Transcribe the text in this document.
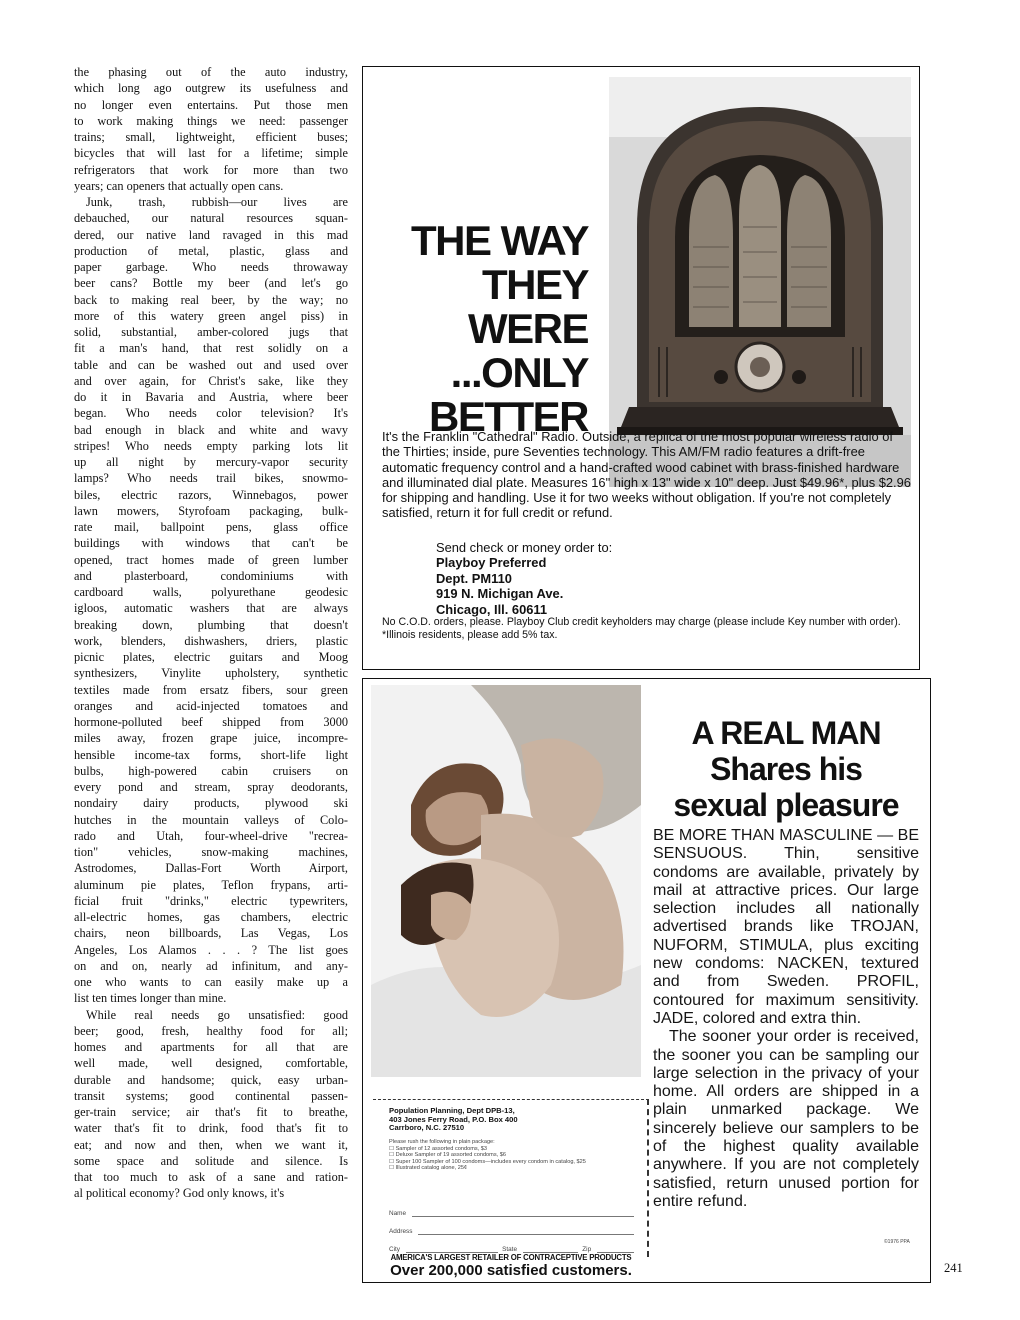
the phasing out of the auto industry, which long ago outgrew its usefulness and no longer even entertains. Put those men to work making things we need: passenger trains; small, lightweight, efficient buses; bicycles that will last for a lifetime; simple refrigerators that work for more than two years; can openers that actually open cans.

Junk, trash, rubbish—our lives are debauched, our natural resources squan- dered, our native land ravaged in this mad production of metal, plastic, glass and paper garbage. Who needs throwaway beer cans? Bottle my beer (and let's go back to making real beer, by the way; no more of this watery green angel piss) in solid, substantial, amber-colored jugs that fit a man's hand, that rest solidly on a table and can be washed out and used over and over again, for Christ's sake, like they do it in Bavaria and Austria, where beer began. Who needs color television? It's bad enough in black and white and wavy stripes! Who needs empty parking lots lit up all night by mercury-vapor security lamps? Who needs trail bikes, snowmo- biles, electric razors, Winnebagos, power lawn mowers, Styrofoam packaging, bulk- rate mail, ballpoint pens, glass office buildings with windows that can't be opened, tract homes made of green lumber and plasterboard, condominiums with cardboard walls, polyurethane geodesic igloos, automatic washers that are always breaking down, plumbing that doesn't work, blenders, dishwashers, driers, plastic picnic plates, electric guitars and Moog synthesizers, Vinylite upholstery, synthetic textiles made from ersatz fibers, sour green oranges and acid-injected tomatoes and hormone-polluted beef shipped from 3000 miles away, frozen grape juice, incompre- hensible income-tax forms, short-life light bulbs, high-powered cabin cruisers on every pond and stream, spray deodorants, nondairy dairy products, plywood ski hutches in the mountain valleys of Colo- rado and Utah, four-wheel-drive "recrea- tion" vehicles, snow-making machines, Astrodomes, Dallas-Fort Worth Airport, aluminum pie plates, Teflon frypans, arti- ficial fruit "drinks," electric typewriters, all-electric homes, gas chambers, electric chairs, neon billboards, Las Vegas, Los Angeles, Los Alamos . . . ? The list goes on and on, nearly ad infinitum, and any- one who wants to can easily make up a list ten times longer than mine.

While real needs go unsatisfied: good beer; good, fresh, healthy food for all; homes and apartments for all that are well made, well designed, comfortable, durable and handsome; quick, easy urban- transit systems; good continental passen- ger-train service; air that's fit to breathe, water that's fit to drink, food that's fit to eat; and now and then, when we want it, some space and solitude and silence. Is that too much to ask of a sane and ration- al political economy? God only knows, it's

THE WAY
THEY
WERE
...ONLY
BETTER
It's the Franklin "Cathedral" Radio. Outside, a replica of the most popular wireless radio of the Thirties; inside, pure Seventies technology. This AM/FM radio features a drift-free automatic frequency control and a hand-crafted wood cabinet with brass-finished hardware and illuminated dial plate. Measures 16" high x 13" wide x 10" deep. Just $49.96*, plus $2.96 for shipping and handling. Use it for two weeks without obligation. If you're not completely satisfied, return it for full credit or refund.
Send check or money order to:
Playboy Preferred
Dept. PM110
919 N. Michigan Ave.
Chicago, Ill. 60611
No C.O.D. orders, please. Playboy Club credit keyholders may charge (please include Key number with order).
*Illinois residents, please add 5% tax.
A REAL MAN
Shares his
sexual pleasure

BE MORE THAN MASCULINE — BE SENSUOUS. Thin, sensitive condoms are available, privately by mail at attractive prices. Our large selection includes all nationally advertised brands like TROJAN, NUFORM, STIMULA, plus exciting new condoms: NACKEN, textured and from Sweden. PROFIL, contoured for maximum sensitivity. JADE, colored and extra thin.

The sooner your order is received, the sooner you can be sampling our large selection in the privacy of your home. All orders are shipped in a plain unmarked package. We sincerely believe our samplers to be of the highest quality available anywhere. If you are not completely satisfied, return unused portion for entire refund.

Population Planning, Dept DPB-13,
403 Jones Ferry Road, P.O. Box 400
Carrboro, N.C. 27510
Please rush the following in plain package:
☐ Sampler of 12 assorted condoms, $3
☐ Deluxe Sampler of 19 assorted condoms, $6
☐ Super 100 Sampler of 100 condoms—includes every condom in catalog, $25
☐ Illustrated catalog alone, 25¢
Name
Address
City	State	Zip
AMERICA'S LARGEST RETAILER OF CONTRACEPTIVE PRODUCTS
Over 200,000 satisfied customers.
©1976 PPA
241
